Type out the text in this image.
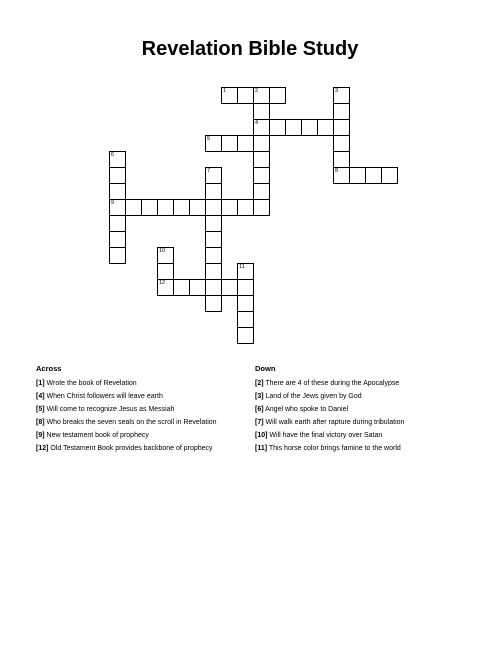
Revelation Bible Study
1	2
4
3
8
5
6
9
7
10
12
11
Across	Down
[1] Wrote the book of Revelation
[4] When Christ followers will leave earth
[5] Will come to recognize Jesus as Messiah
[8] Who breaks the seven seals on the scroll in Revelation
[9] New testament book of prophecy
[12] Old Testament Book provides backbone of prophecy
[2] There are 4 of these during the Apocalypse
[3] Land of the Jews given by God
[6] Angel who spoke to Daniel
[7] Will walk earth after rapture during tribulation
[10] Will have the final victory over Satan
[11] This horse color brings famine to the world
